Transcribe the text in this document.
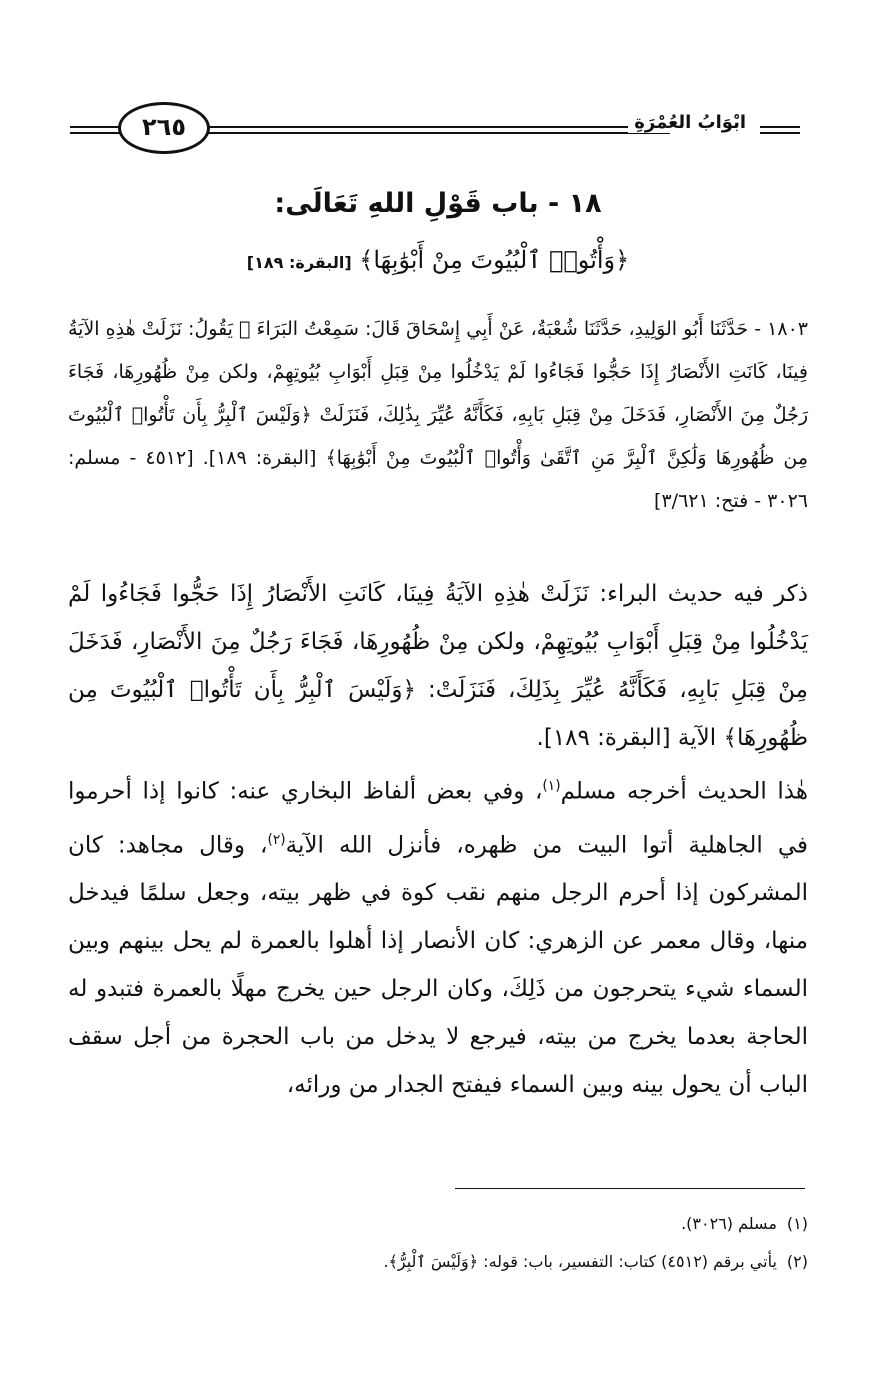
٢٦٥	ابْوَابُ العُمْرَةِ
١٨ - باب قَوْلِ اللهِ تَعَالَى:
﴿وَأْتُوا۟ ٱلْبُيُوتَ مِنْ أَبْوَٰبِهَا﴾ [البقرة: ١٨٩]

١٨٠٣ - حَدَّثَنَا أَبُو الوَلِيدِ، حَدَّثَنَا شُعْبَةُ، عَنْ أَبِي إِسْحَاقَ قَالَ: سَمِعْتُ البَرَاءَ ﷺ يَقُولُ: نَزَلَتْ هٰذِهِ الآيَةُ فِينَا، كَانَتِ الأَنْصَارُ إِذَا حَجُّوا فَجَاءُوا لَمْ يَدْخُلُوا مِنْ قِبَلِ أَبْوَابِ بُيُوتِهِمْ، ولكن مِنْ ظُهُورِهَا، فَجَاءَ رَجُلٌ مِنَ الأَنْصَارِ، فَدَخَلَ مِنْ قِبَلِ بَابِهِ، فَكَأَنَّهُ عُيِّرَ بِذَٰلِكَ، فَنَزَلَتْ ﴿وَلَيْسَ ٱلْبِرُّ بِأَن تَأْتُوا۟ ٱلْبُيُوتَ مِن ظُهُورِهَا وَلَٰكِنَّ ٱلْبِرَّ مَنِ ٱتَّقَىٰ وَأْتُوا۟ ٱلْبُيُوتَ مِنْ أَبْوَٰبِهَا﴾ [البقرة: ١٨٩]. [٤٥١٢ - مسلم: ٣٠٢٦ - فتح: ٣/٦٢١]

ذكر فيه حديث البراء: نَزَلَتْ هٰذِهِ الآيَةُ فِينَا، كَانَتِ الأَنْصَارُ إِذَا حَجُّوا فَجَاءُوا لَمْ يَدْخُلُوا مِنْ قِبَلِ أَبْوَابِ بُيُوتِهِمْ، ولكن مِنْ ظُهُورِهَا، فَجَاءَ رَجُلٌ مِنَ الأَنْصَارِ، فَدَخَلَ مِنْ قِبَلِ بَابِهِ، فَكَأَنَّهُ عُيِّرَ بِذَلِكَ، فَنَزَلَتْ: ﴿وَلَيْسَ ٱلْبِرُّ بِأَن تَأْتُوا۟ ٱلْبُيُوتَ مِن ظُهُورِهَا﴾ الآية [البقرة: ١٨٩].

هٰذا الحديث أخرجه مسلم$^{(١)}$، وفي بعض ألفاظ البخاري عنه: كانوا إذا أحرموا في الجاهلية أتوا البيت من ظهره، فأنزل الله الآية$^{(٢)}$، وقال مجاهد: كان المشركون إذا أحرم الرجل منهم نقب كوة في ظهر بيته، وجعل سلمًا فيدخل منها، وقال معمر عن الزهري: كان الأنصار إذا أهلوا بالعمرة لم يحل بينهم وبين السماء شيء يتحرجون من ذَلِكَ، وكان الرجل حين يخرج مهلًا بالعمرة فتبدو له الحاجة بعدما يخرج من بيته، فيرجع لا يدخل من باب الحجرة من أجل سقف الباب أن يحول بينه وبين السماء فيفتح الجدار من ورائه،

(١)مسلم (٣٠٢٦).

(٢)يأتي برقم (٤٥١٢) كتاب: التفسير، باب: قوله: ﴿وَلَيْسَ ٱلْبِرُّ﴾.
